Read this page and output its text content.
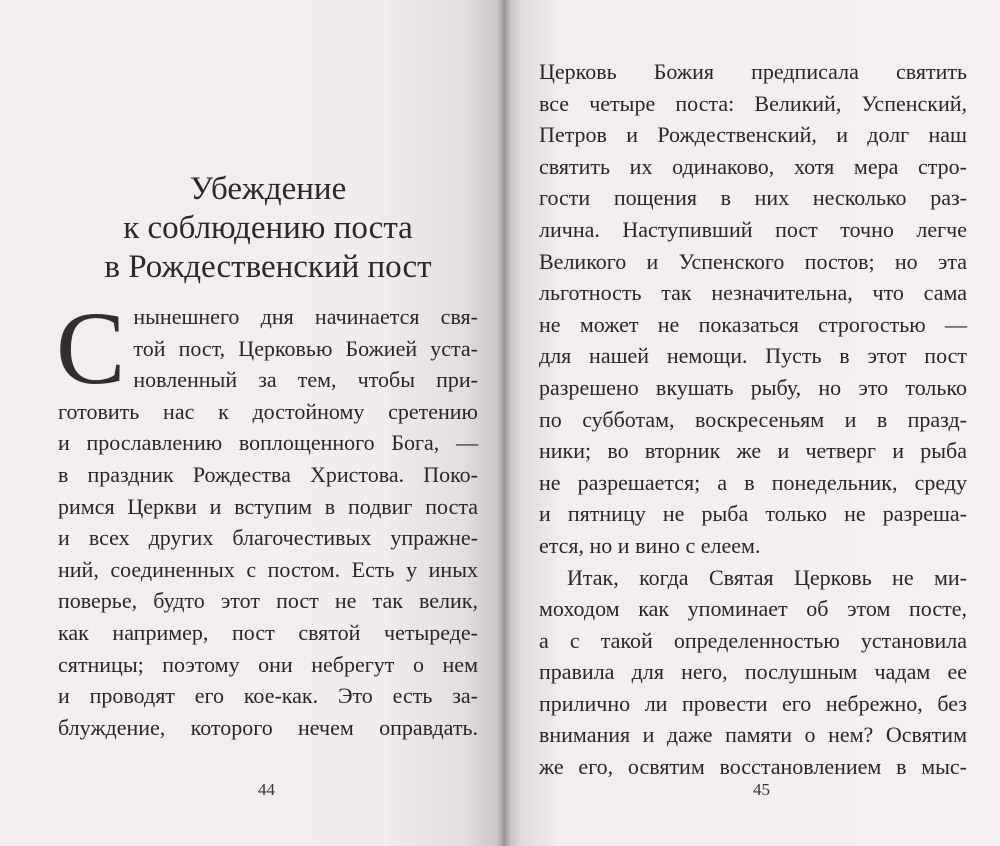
Убеждение
к соблюдению поста
в Рождественский пост
С нынешнего дня начинается свя-
той пост, Церковью Божией уста-
новленный за тем, чтобы при-
готовить нас к достойному сретению
и прославлению воплощенного Бога, —
в праздник Рождества Христова. Поко-
римся Церкви и вступим в подвиг поста
и всех других благочестивых упражне-
ний, соединенных с постом. Есть у иных
поверье, будто этот пост не так велик,
как например, пост святой четыреде-
сятницы; поэтому они небрегут о нем
и проводят его кое-как. Это есть за-
блуждение, которого нечем оправдать.
44
Церковь Божия предписала святить
все четыре поста: Великий, Успенский,
Петров и Рождественский, и долг наш
святить их одинаково, хотя мера стро-
гости пощения в них несколько раз-
лична. Наступивший пост точно легче
Великого и Успенского постов; но эта
льготность так незначительна, что сама
не может не показаться строгостью —
для нашей немощи. Пусть в этот пост
разрешено вкушать рыбу, но это только
по субботам, воскресеньям и в празд-
ники; во вторник же и четверг и рыба
не разрешается; а в понедельник, среду
и пятницу не рыба только не разреша-
ется, но и вино с елеем.
Итак, когда Святая Церковь не ми-
моходом как упоминает об этом посте,
а с такой определенностью установила
правила для него, послушным чадам ее
прилично ли провести его небрежно, без
внимания и даже памяти о нем? Освятим
же его, освятим восстановлением в мыс-
45
